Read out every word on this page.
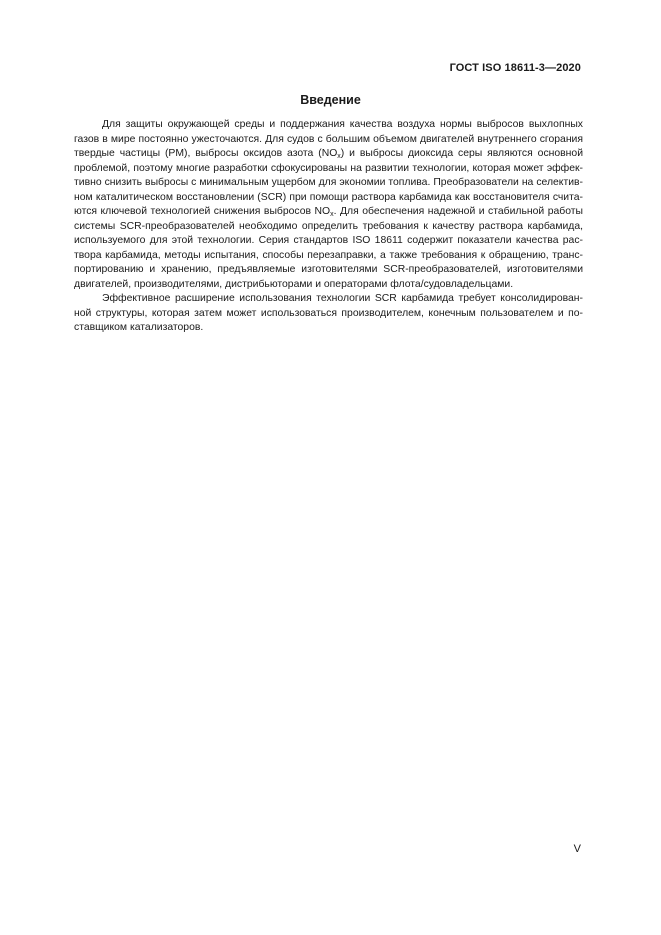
ГОСТ ISO 18611-3—2020
Введение
Для защиты окружающей среды и поддержания качества воздуха нормы выбросов выхлопных
газов в мире постоянно ужесточаются. Для судов с большим объемом двигателей внутреннего сгорания
твердые частицы (PM), выбросы оксидов азота $(NO_x)$ и выбросы диоксида серы являются основной
проблемой, поэтому многие разработки сфокусированы на развитии технологии, которая может эффек-
тивно снизить выбросы с минимальным ущербом для экономии топлива. Преобразователи на селектив-
ном каталитическом восстановлении (SCR) при помощи раствора карбамида как восстановителя счита-
ются ключевой технологией снижения выбросов $NO_x$. Для обеспечения надежной и стабильной работы
системы SCR-преобразователей необходимо определить требования к качеству раствора карбамида,
используемого для этой технологии. Серия стандартов ISO 18611 содержит показатели качества рас-
твора карбамида, методы испытания, способы перезаправки, а также требования к обращению, транс-
портированию и хранению, предъявляемые изготовителями SCR-преобразователей, изготовителями
двигателей, производителями, дистрибьюторами и операторами флота/судовладельцами.
Эффективное расширение использования технологии SCR карбамида требует консолидирован-
ной структуры, которая затем может использоваться производителем, конечным пользователем и по-
ставщиком катализаторов.
V
